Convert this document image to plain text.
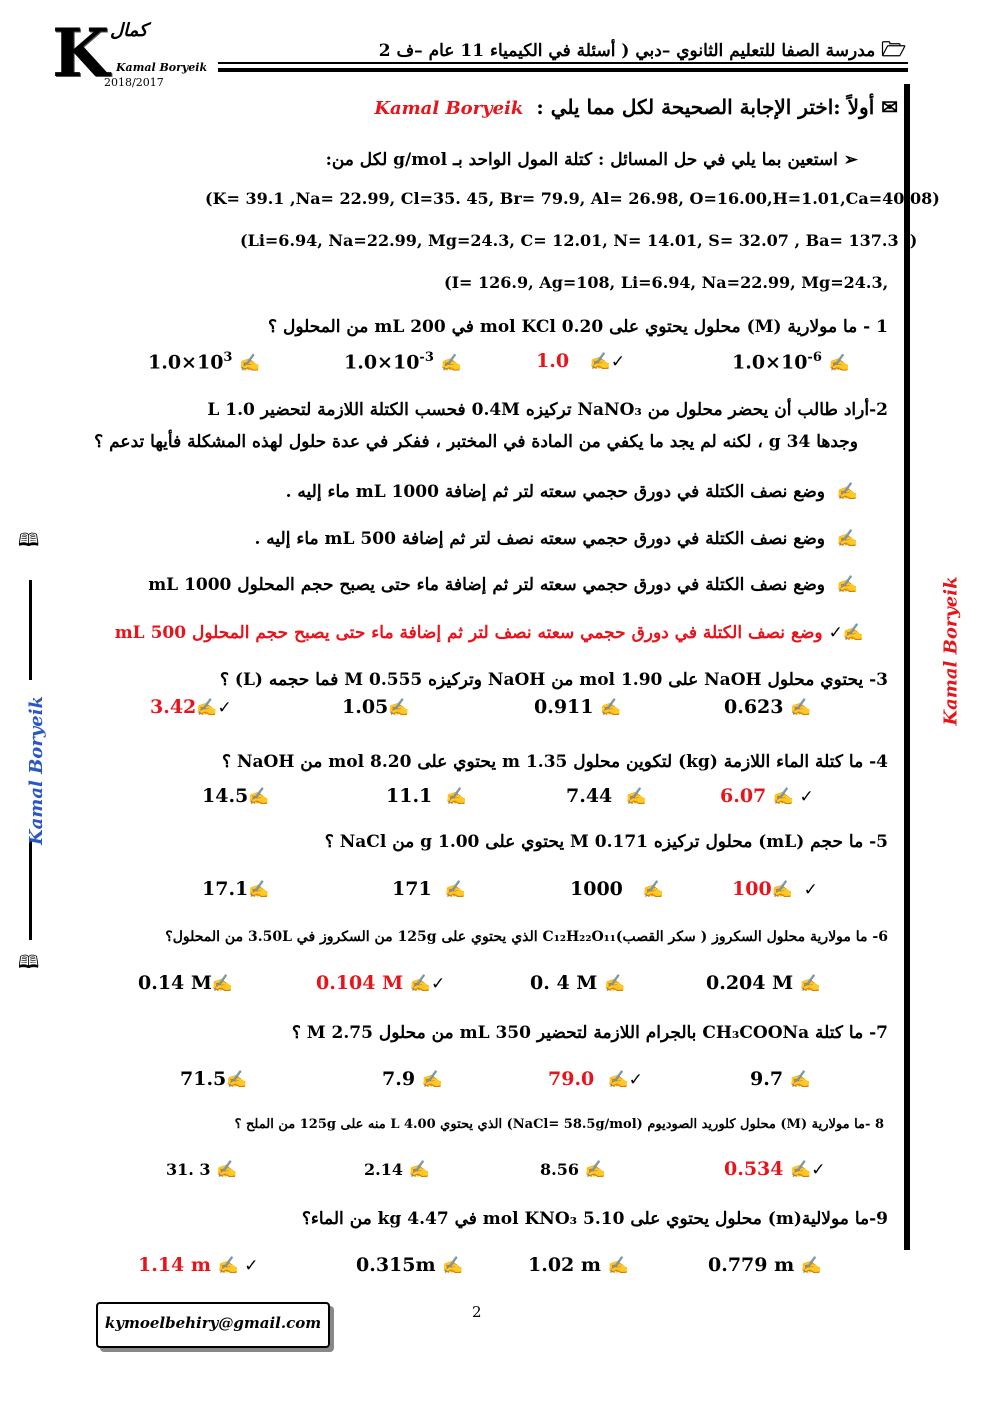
K كمال
Kamal Boryeik
2018/2017
🗁 مدرسة الصفا للتعليم الثانوي –دبي ( أسئلة في الكيمياء 11 عام –ف 2
✉ أولاً :اختر الإجابة الصحيحة لكل مما يلي : Kamal Boryeik
➢ استعين بما يلي في حل المسائل : كتلة المول الواحد بـ g/mol لكل من:
(K= 39.1 ,Na= 22.99, Cl=35. 45, Br= 79.9, Al= 26.98, O=16.00,H=1.01,Ca=40.08)
(Li=6.94, Na=22.99, Mg=24.3, C= 12.01, N= 14.01, S= 32.07 , Ba= 137.3 ,)
(I= 126.9, Ag=108, Li=6.94, Na=22.99, Mg=24.3,
1 - ما مولارية (M) محلول يحتوي على 0.20 mol KCl في 200 mL من المحلول ؟
$1.0\times 10^{-6}$ ✍
1.0 ✍✓
$1.0\times 10^{-3}$ ✍
$1.0\times 10^3$ ✍
2-أراد طالب أن يحضر محلول من NaNO₃ تركيزه 0.4M فحسب الكتلة اللازمة لتحضير 1.0 L
وجدها 34 g ، لكنه لم يجد ما يكفي من المادة في المختبر ، ففكر في عدة حلول لهذه المشكلة فأيها تدعم ؟
✍  وضع نصف الكتلة في دورق حجمي سعته لتر ثم إضافة 1000 mL ماء إليه .
✍  وضع نصف الكتلة في دورق حجمي سعته نصف لتر ثم إضافة 500 mL ماء إليه .
✍  وضع نصف الكتلة في دورق حجمي سعته لتر ثم إضافة ماء حتى يصبح حجم المحلول 1000 mL
✍✓ وضع نصف الكتلة في دورق حجمي سعته نصف لتر ثم إضافة ماء حتى يصبح حجم المحلول 500 mL
3- يحتوي محلول NaOH على 1.90 mol من NaOH وتركيزه 0.555 M فما حجمه (L) ؟
0.623 ✍
0.911 ✍
1.05✍
3.42✍✓
4- ما كتلة الماء اللازمة (kg) لتكوين محلول 1.35 m يحتوي على 8.20 mol من NaOH ؟
6.07 ✍ ✓
7.44 ✍
11.1 ✍
14.5✍
5- ما حجم (mL) محلول تركيزه 0.171 M يحتوي على 1.00 g من NaCl ؟
100✍  ✓
1000 ✍
171 ✍
17.1✍
6- ما مولارية محلول السكروز ( سكر القصب)C₁₂H₂₂O₁₁ الذي يحتوي على 125g من السكروز في 3.50L من المحلول؟
0.204 M ✍
0. 4 M ✍
0.104 M ✍✓
0.14 M✍
7- ما كتلة CH₃COONa بالجرام اللازمة لتحضير 350 mL من محلول 2.75 M ؟
9.7 ✍
79.0 ✍✓
7.9 ✍
71.5✍
8 -ما مولارية (M) محلول كلوريد الصوديوم (NaCl= 58.5g/mol) الذي يحتوي 4.00 L منه على 125g من الملح ؟
0.534 ✍✓
8.56 ✍
2.14 ✍
31. 3 ✍
9-ما مولالية(m) محلول يحتوي على 5.10 mol KNO₃ في 4.47 kg من الماء؟
0.779 m ✍
1.02 m ✍
0.315m ✍
1.14 m ✍ ✓
🕮
🕮
Kamal Boryeik
Kamal Boryeik
kymoelbehiry@gmail.com
2
